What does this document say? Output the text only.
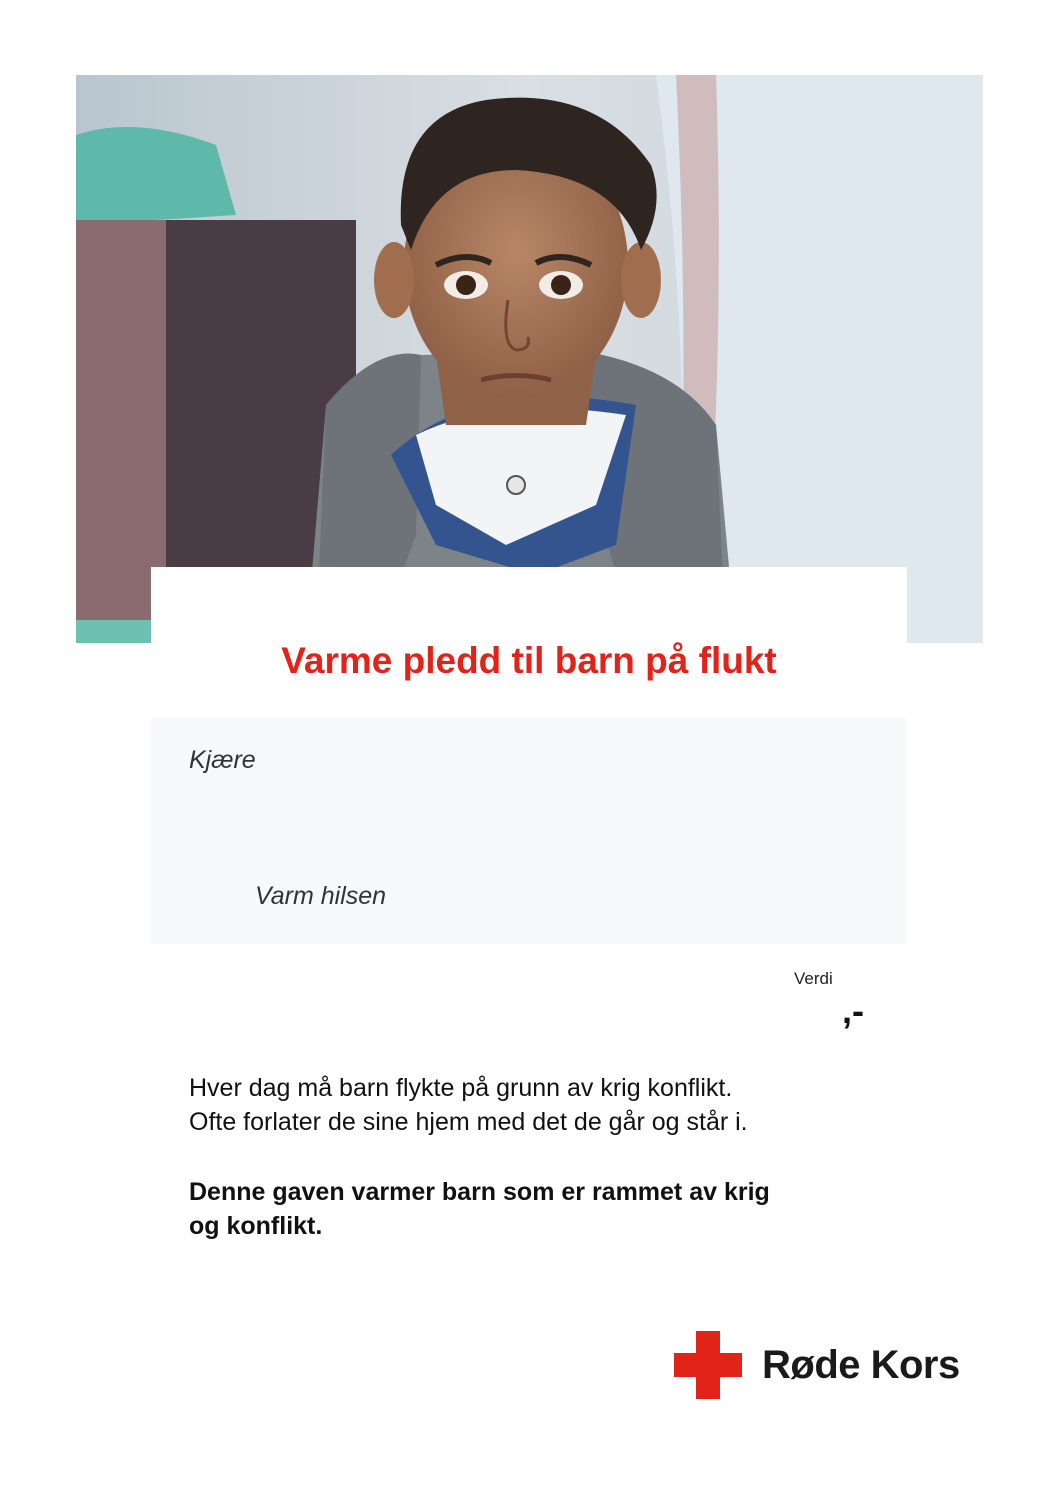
Varme pledd til barn på flukt
Kjære
Varm hilsen
Verdi
,-

Hver dag må barn flykte på grunn av krig konflikt.

Ofte forlater de sine hjem med det de går og står i.

Denne gaven varmer barn som er rammet av krig

og konflikt.

Røde Kors
